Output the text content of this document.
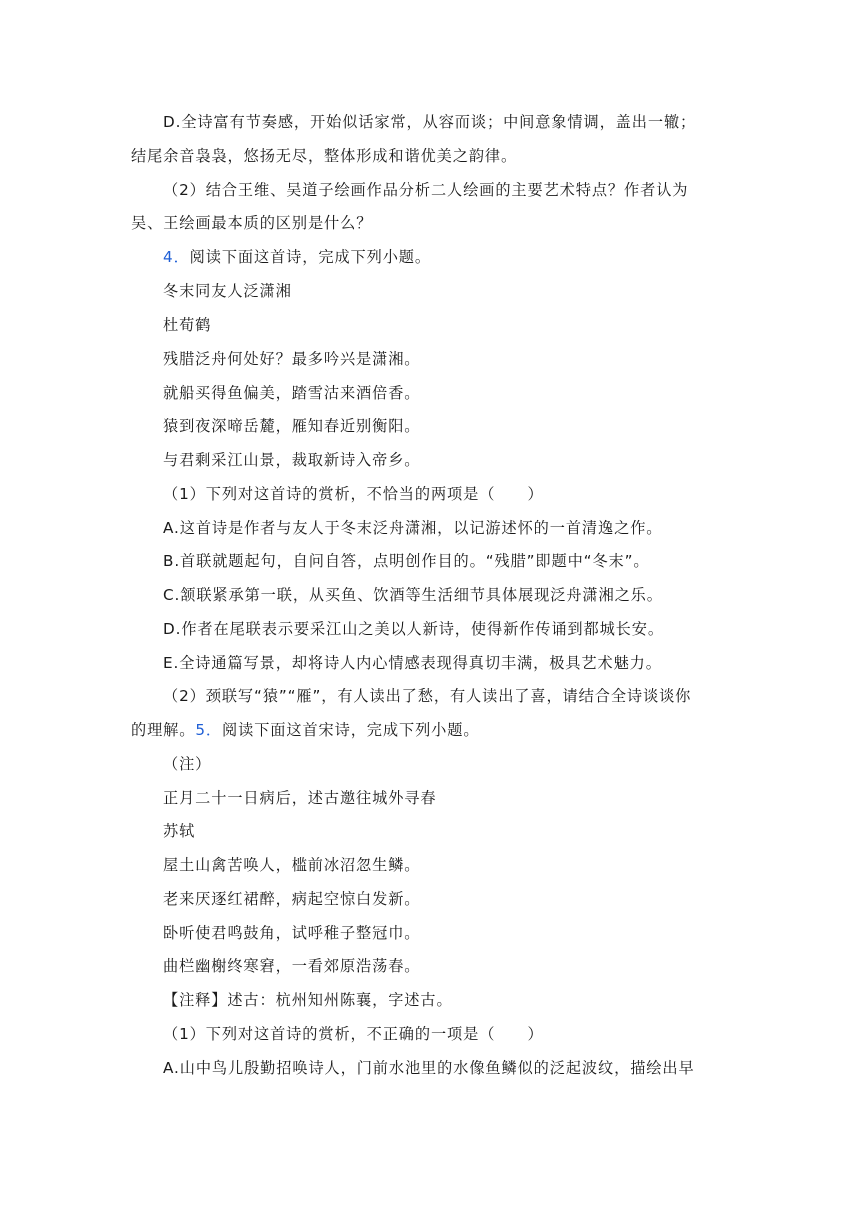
D.全诗富有节奏感，开始似话家常，从容而谈；中间意象情调，盖出一辙；
结尾余音袅袅，悠扬无尽，整体形成和谐优美之韵律。
（2）结合王维、吴道子绘画作品分析二人绘画的主要艺术特点？作者认为
吴、王绘画最本质的区别是什么？
4．阅读下面这首诗，完成下列小题。
冬末同友人泛潇湘
杜荀鹤
残腊泛舟何处好？最多吟兴是潇湘。
就船买得鱼偏美，踏雪沽来酒倍香。
猿到夜深啼岳麓，雁知春近别衡阳。
与君剩采江山景，裁取新诗入帝乡。
（1）下列对这首诗的赏析，不恰当的两项是（　　）
A.这首诗是作者与友人于冬末泛舟潇湘，以记游述怀的一首清逸之作。
B.首联就题起句，自问自答，点明创作目的。“残腊”即题中“冬末”。
C.颔联紧承第一联，从买鱼、饮酒等生活细节具体展现泛舟潇湘之乐。
D.作者在尾联表示要采江山之美以人新诗，使得新作传诵到都城长安。
E.全诗通篇写景，却将诗人内心情感表现得真切丰满，极具艺术魅力。
（2）颈联写“猿”“雁”，有人读出了愁，有人读出了喜，请结合全诗谈谈你
的理解。5．阅读下面这首宋诗，完成下列小题。
（注）
正月二十一日病后，述古邀往城外寻春
苏轼
屋土山禽苦唤人，槛前冰沼忽生鳞。
老来厌逐红裙醉，病起空惊白发新。
卧听使君鸣鼓角，试呼稚子整冠巾。
曲栏幽榭终寒窘，一看郊原浩荡春。
【注释】述古：杭州知州陈襄，字述古。
（1）下列对这首诗的赏析，不正确的一项是（　　）
A.山中鸟儿殷勤招唤诗人，门前水池里的水像鱼鳞似的泛起波纹，描绘出早
